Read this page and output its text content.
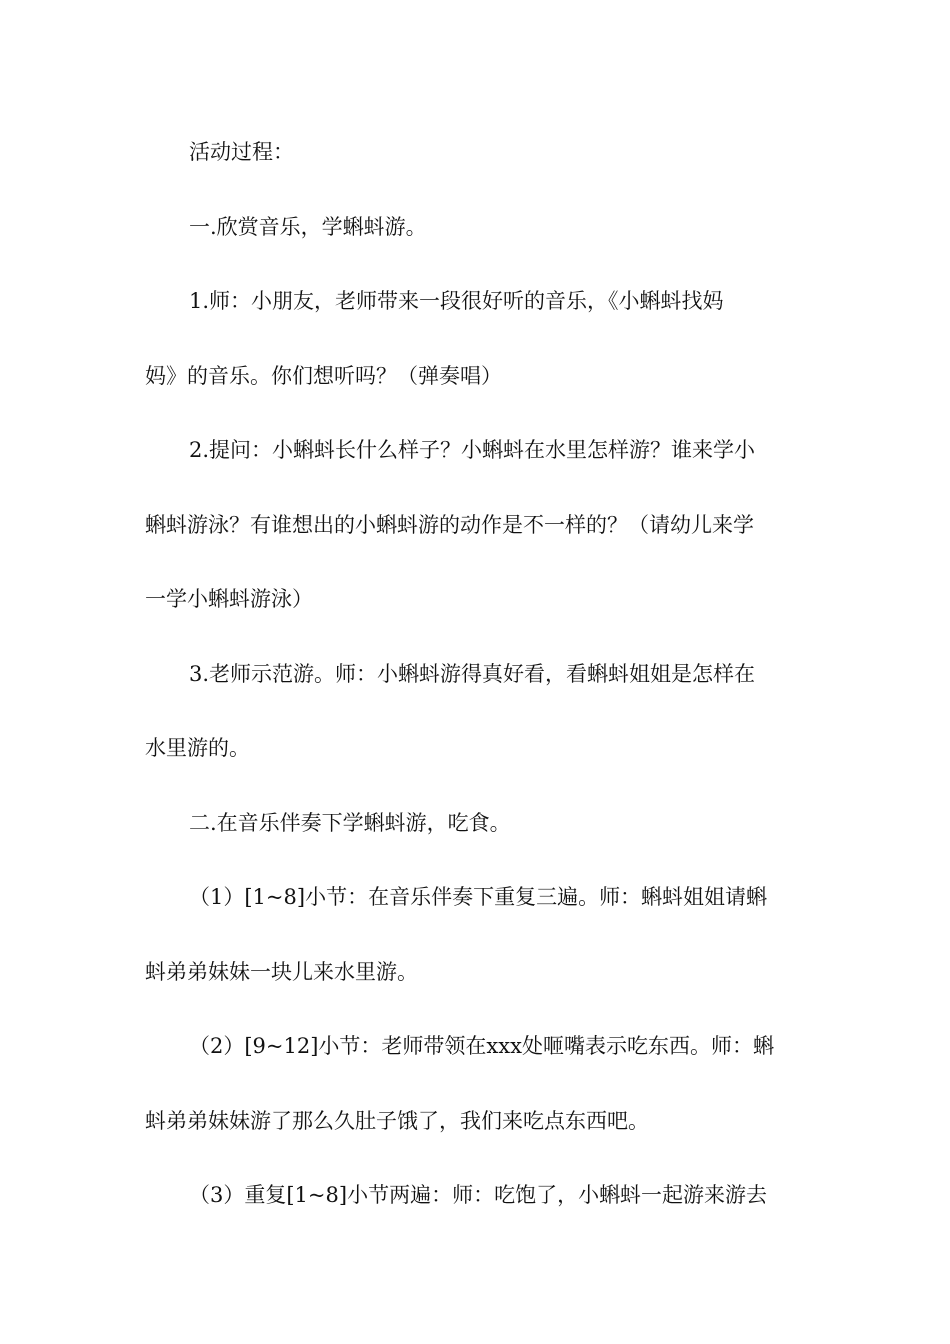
活动过程：
一.欣赏音乐，学蝌蚪游。
1.师：小朋友，老师带来一段很好听的音乐，《小蝌蚪找妈
妈》的音乐。你们想听吗？（弹奏唱）
2.提问：小蝌蚪长什么样子？小蝌蚪在水里怎样游？谁来学小
蝌蚪游泳？有谁想出的小蝌蚪游的动作是不一样的？（请幼儿来学
一学小蝌蚪游泳）
3.老师示范游。师：小蝌蚪游得真好看，看蝌蚪姐姐是怎样在
水里游的。
二.在音乐伴奏下学蝌蚪游，吃食。
（1）[1~8]小节：在音乐伴奏下重复三遍。师：蝌蚪姐姐请蝌
蚪弟弟妹妹一块儿来水里游。
（2）[9~12]小节：老师带领在xxx处咂嘴表示吃东西。师：蝌
蚪弟弟妹妹游了那么久肚子饿了，我们来吃点东西吧。
（3）重复[1~8]小节两遍：师：吃饱了，小蝌蚪一起游来游去
